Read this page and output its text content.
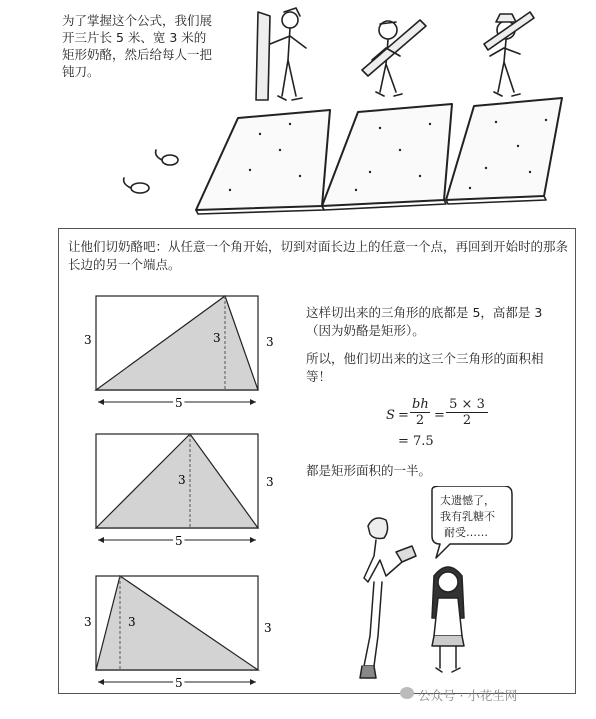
为了掌握这个公式，我们展开三片长 5 米、宽 3 米的矩形奶酪，然后给每人一把钝刀。
让他们切奶酪吧：从任意一个角开始，切到对面长边上的任意一个点，再回到开始时的那条长边的另一个端点。
3	3
3
5
3
3
5
3	3
3
5
这样切出来的三角形的底都是 5，高都是 3（因为奶酪是矩形）。
所以，他们切出来的这三个三角形的面积相等！
$S = \frac{bh}{2} = \frac{5 \times 3}{2}$
= 7.5
都是矩形面积的一半。
太遗憾了，
我有乳糖不
耐受……
公众号 · 小花生网
